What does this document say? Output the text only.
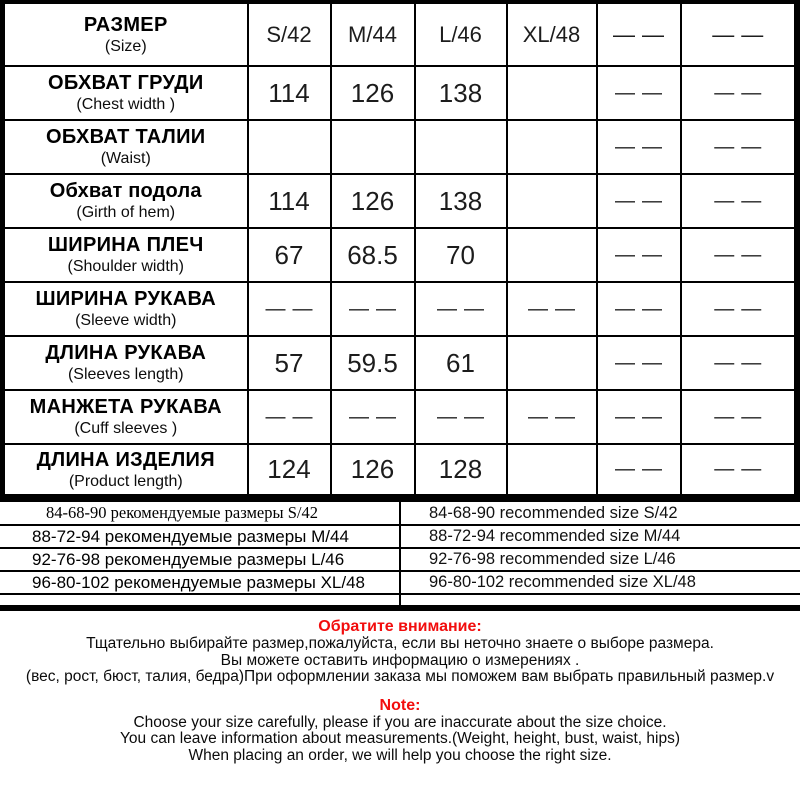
РАЗМЕР
(Size)	S/42	M/44	L/46	XL/48	——	——

ОБХВАТ ГРУДИ
(Chest width )	114	126	138		——	——

ОБХВАТ ТАЛИИ
(Waist)					——	——

Обхват подола
(Girth of hem)	114	126	138		——	——

ШИРИНА ПЛЕЧ
(Shoulder width)	67	68.5	70		——	——

ШИРИНА РУКАВА
(Sleeve width)	——	——	——	——	——	——

ДЛИНА РУКАВА
(Sleeves length)	57	59.5	61		——	——

МАНЖЕТА РУКАВА
(Cuff sleeves )	——	——	——	——	——	——

ДЛИНА ИЗДЕЛИЯ
(Product length)	124	126	128		——	——
84-68-90 рекомендуемые размеры S/42	84-68-90 recommended size S/42
88-72-94 рекомендуемые размеры M/44	88-72-94 recommended size M/44
92-76-98 рекомендуемые размеры L/46	92-76-98 recommended size L/46
96-80-102 рекомендуемые размеры XL/48	96-80-102 recommended size XL/48

Обратите внимание:
Тщательно выбирайте размер,пожалуйста, если вы неточно знаете о выборе размера.
Вы можете оставить информацию о измерениях .
(вес, рост, бюст, талия, бедра)При оформлении заказа мы поможем вам выбрать правильный размер.v
Note:
Choose your size carefully, please if you are inaccurate about the size choice.
You can leave information about measurements.(Weight, height, bust, waist, hips)
When placing an order, we will help you choose the right size.
